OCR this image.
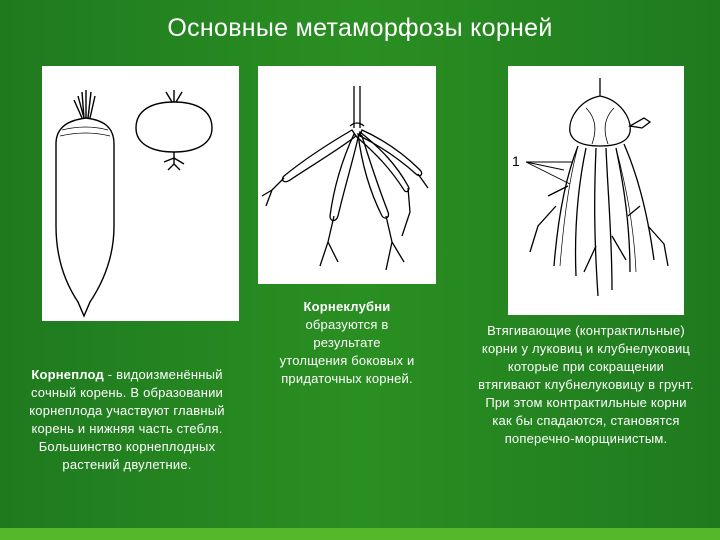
Основные метаморфозы корней
1
Корнеплод - видоизменённый
сочный корень. В образовании
корнеплода участвуют главный
корень и нижняя часть стебля.
Большинство корнеплодных
растений двулетние.
Корнеклубни
образуются в
результате
утолщения боковых и
придаточных корней.
Втягивающие (контрактильные)
корни у луковиц и клубнелуковиц
которые при сокращении
втягивают клубнелуковицу в грунт.
При этом контрактильные корни
как бы спадаются, становятся
поперечно-морщинистым.
